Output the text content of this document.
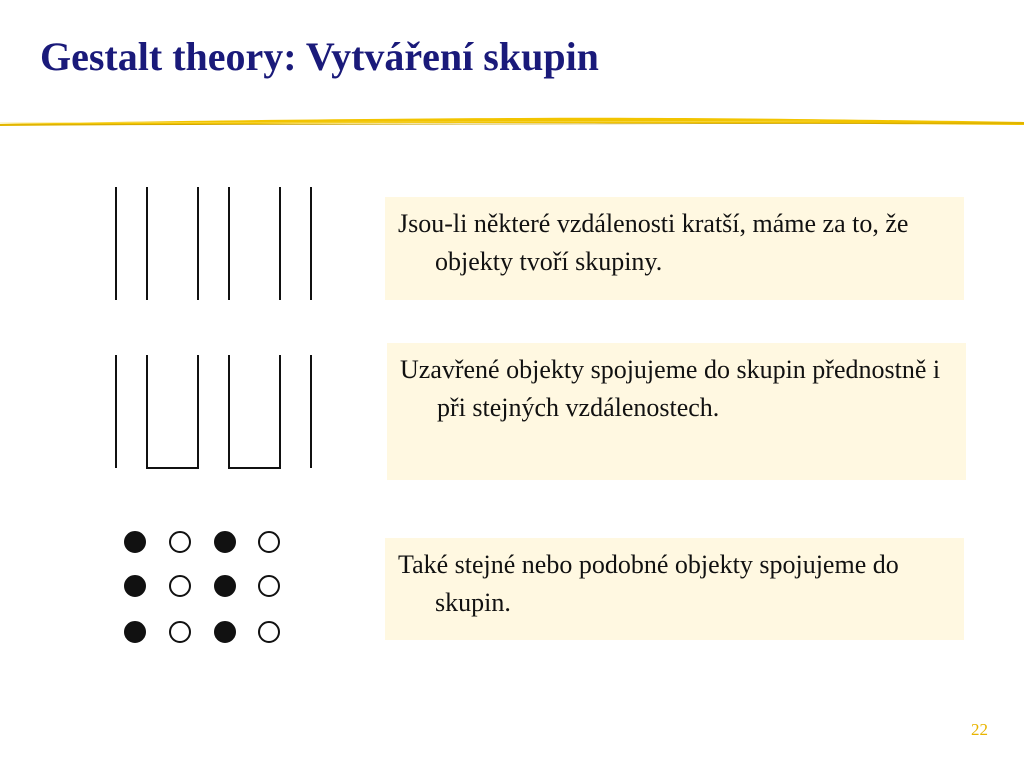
Gestalt theory: Vytváření skupin

Jsou-li některé vzdálenosti kratší, máme za to, že objekty tvoří skupiny.

Uzavřené objekty spojujeme do skupin přednostně i při stejných vzdálenostech.

Také stejné nebo podobné objekty spojujeme do skupin.

22
